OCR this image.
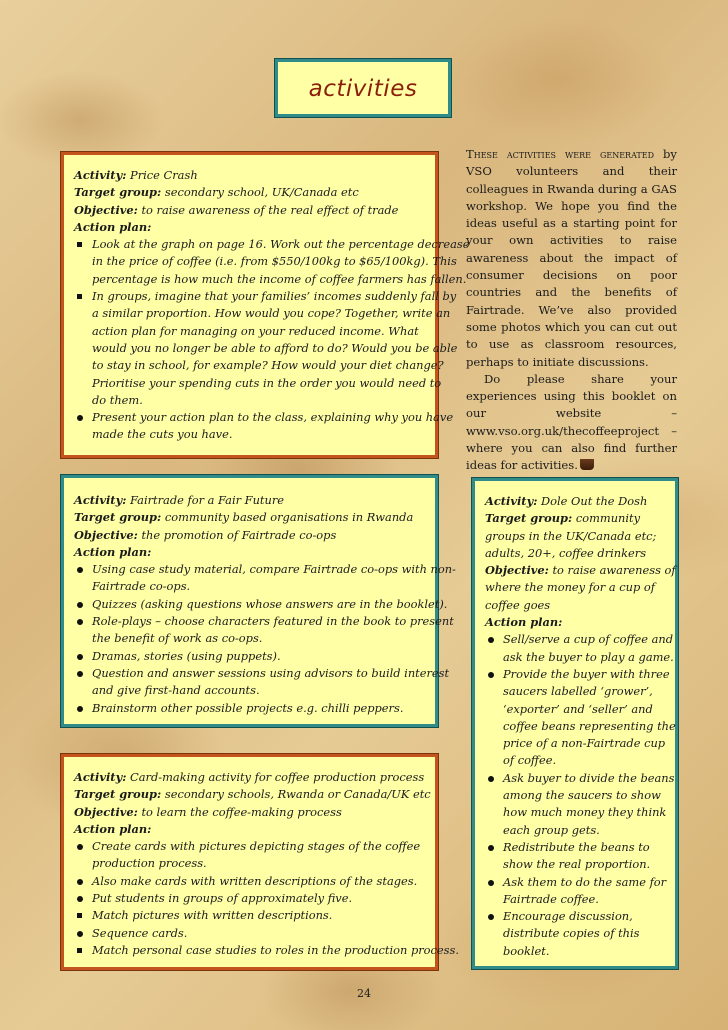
activities
Activity: Price Crash
Target group: secondary school, UK/Canada etc
Objective: to raise awareness of the real effect of trade
Action plan:
Look at the graph on page 16. Work out the percentage decrease
in the price of coffee (i.e. from $550/100kg to $65/100kg). This
percentage is how much the income of coffee farmers has fallen.
In groups, imagine that your families’ incomes suddenly fall by
a similar proportion. How would you cope? Together, write an
action plan for managing on your reduced income. What
would you no longer be able to afford to do? Would you be able
to stay in school, for example? How would your diet change?
Prioritise your spending cuts in the order you would need to
do them.
Present your action plan to the class, explaining why you have
made the cuts you have.

These activities were generated by VSO volunteers and their colleagues in Rwanda during a GAS workshop. We hope you find the ideas useful as a starting point for your own activities to raise awareness about the impact of consumer decisions on poor countries and the benefits of Fairtrade. We’ve also provided some photos which you can cut out to use as classroom resources, perhaps to initiate discussions.

Do please share your experiences using this booklet on our website – www.vso.org.uk/thecoffeeproject – where you can also find further ideas for activities.

Activity: Fairtrade for a Fair Future
Target group: community based organisations in Rwanda
Objective: the promotion of Fairtrade co-ops
Action plan:
Using case study material, compare Fairtrade co-ops with non-
Fairtrade co-ops.
Quizzes (asking questions whose answers are in the booklet).
Role-plays – choose characters featured in the book to present
the benefit of work as co-ops.
Dramas, stories (using puppets).
Question and answer sessions using advisors to build interest
and give first-hand accounts.
Brainstorm other possible projects e.g. chilli peppers.
Activity: Card-making activity for coffee production process
Target group: secondary schools, Rwanda or Canada/UK etc
Objective: to learn the coffee-making process
Action plan:
Create cards with pictures depicting stages of the coffee
production process.
Also make cards with written descriptions of the stages.
Put students in groups of approximately five.
Match pictures with written descriptions.
Sequence cards.
Match personal case studies to roles in the production process.
Activity: Dole Out the Dosh
Target group: community
groups in the UK/Canada etc;
adults, 20+, coffee drinkers
Objective: to raise awareness of
where the money for a cup of
coffee goes
Action plan:
Sell/serve a cup of coffee and
ask the buyer to play a game.
Provide the buyer with three
saucers labelled ‘grower’,
‘exporter’ and ‘seller’ and
coffee beans representing the
price of a non-Fairtrade cup
of coffee.
Ask buyer to divide the beans
among the saucers to show
how much money they think
each group gets.
Redistribute the beans to
show the real proportion.
Ask them to do the same for
Fairtrade coffee.
Encourage discussion,
distribute copies of this
booklet.
24
